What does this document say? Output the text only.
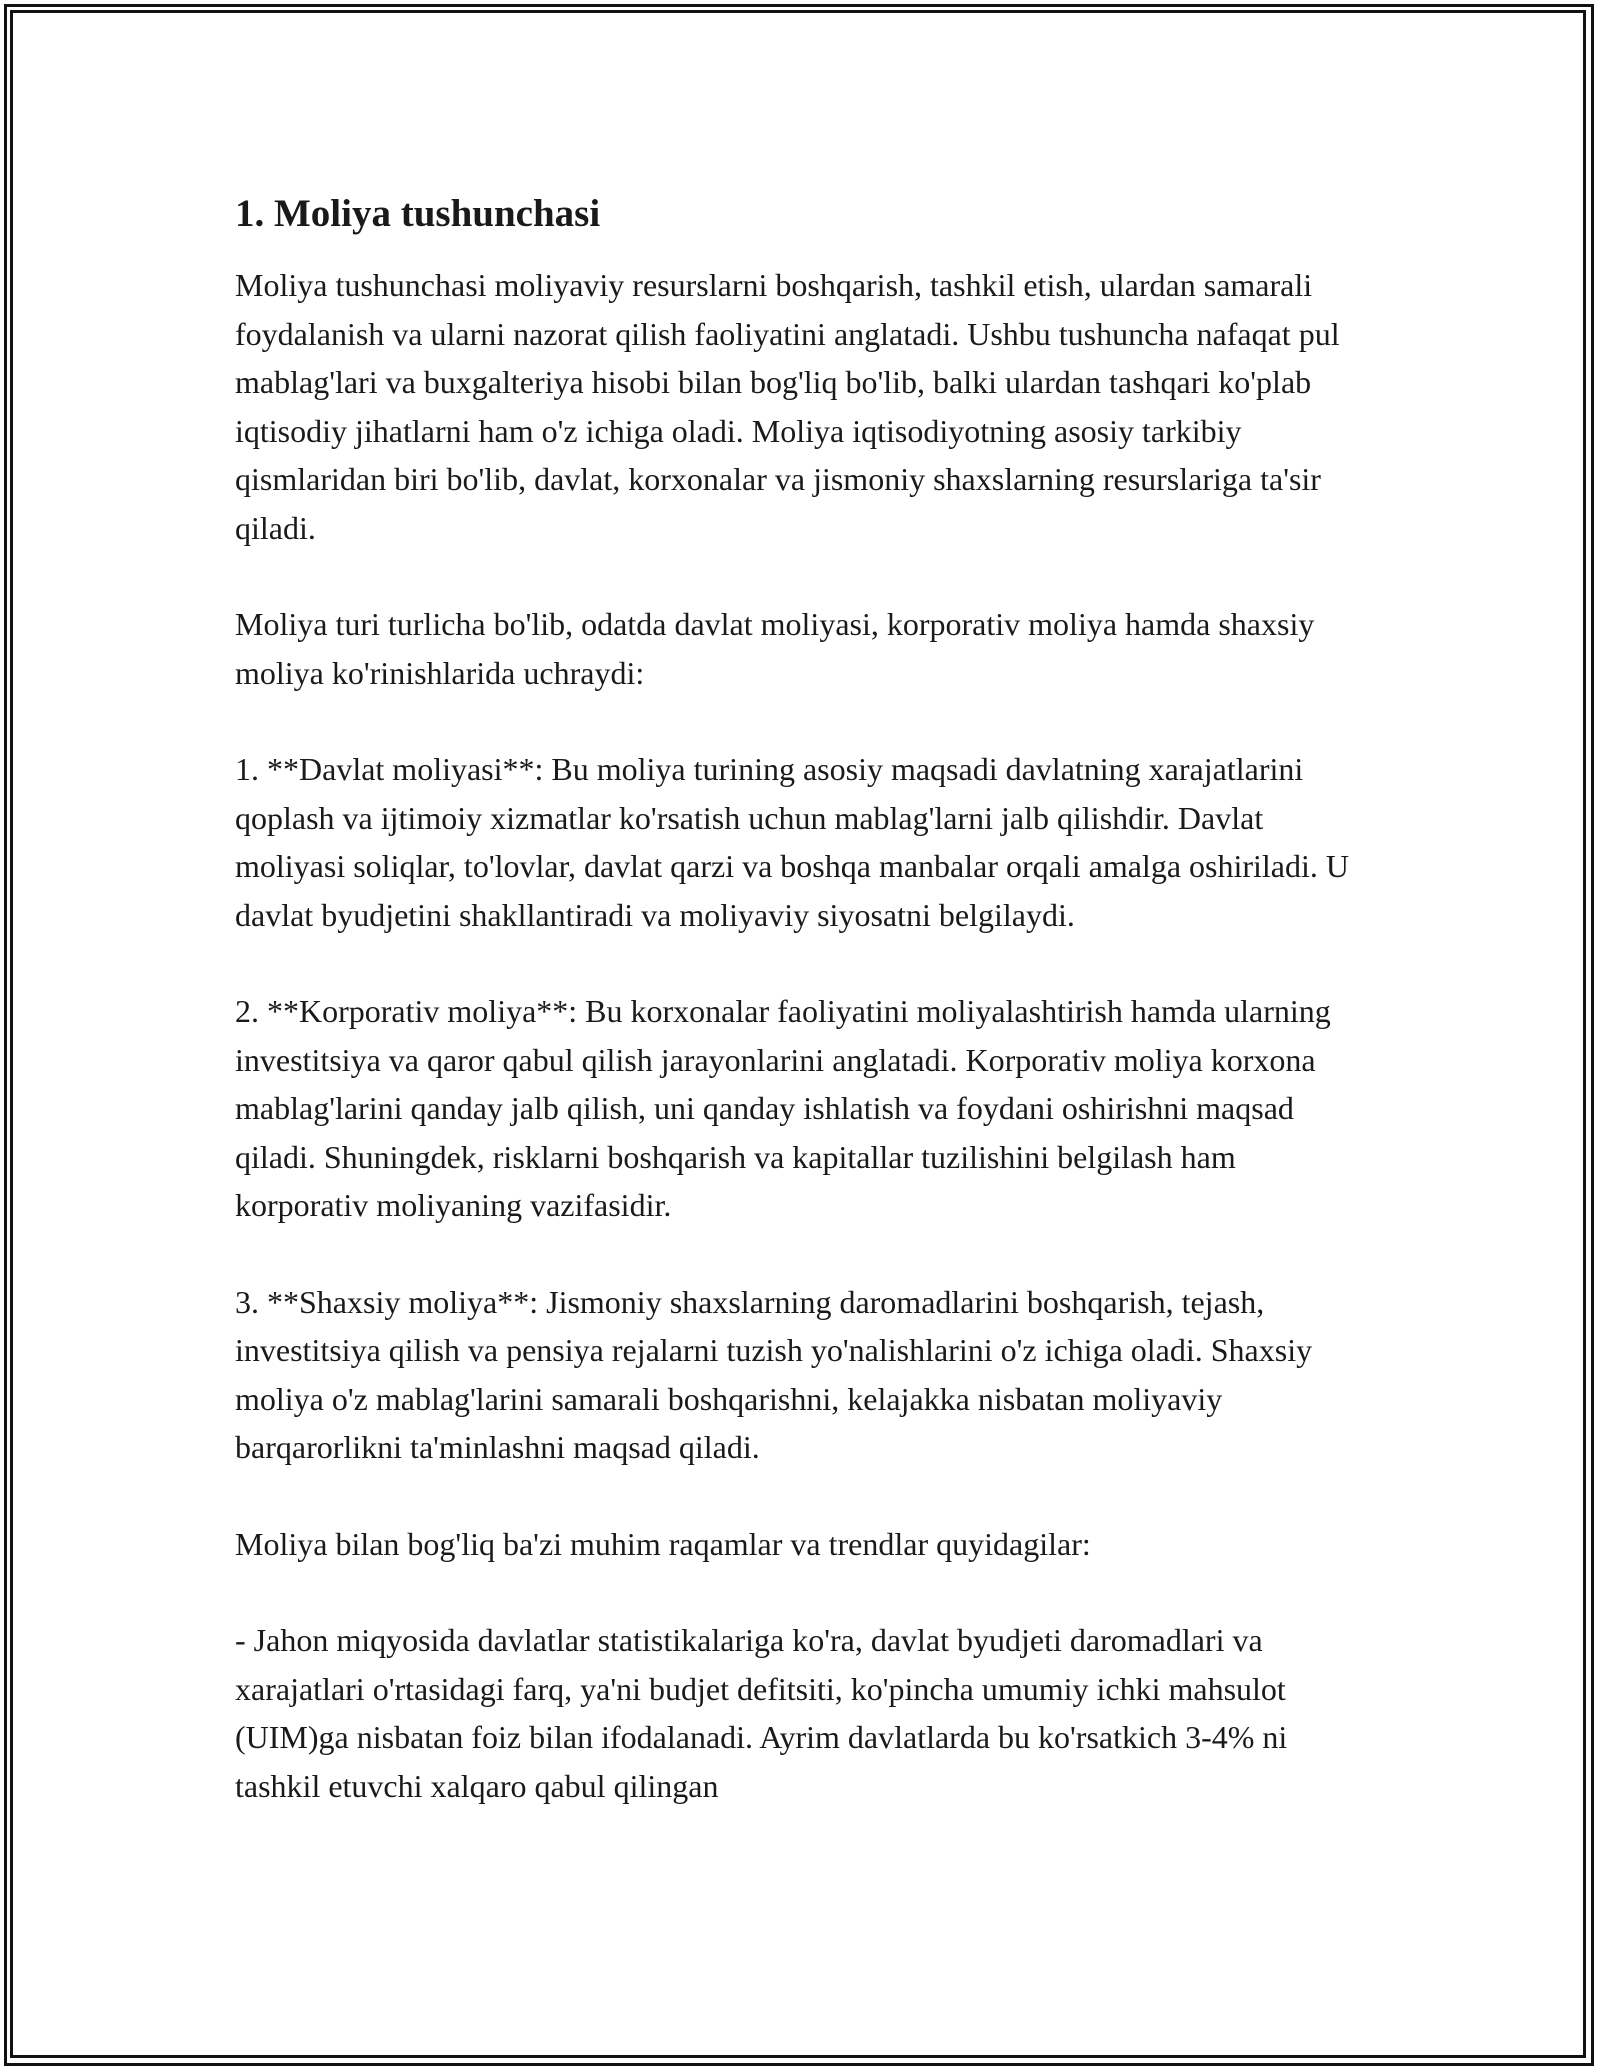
1. Moliya tushunchasi

Moliya tushunchasi moliyaviy resurslarni boshqarish, tashkil etish, ulardan samarali foydalanish va ularni nazorat qilish faoliyatini anglatadi. Ushbu tushuncha nafaqat pul mablag'lari va buxgalteriya hisobi bilan bog'liq bo'lib, balki ulardan tashqari ko'plab iqtisodiy jihatlarni ham o'z ichiga oladi. Moliya iqtisodiyotning asosiy tarkibiy qismlaridan biri bo'lib, davlat, korxonalar va jismoniy shaxslarning resurslariga ta'sir qiladi.

Moliya turi turlicha bo'lib, odatda davlat moliyasi, korporativ moliya hamda shaxsiy moliya ko'rinishlarida uchraydi:

1. **Davlat moliyasi**: Bu moliya turining asosiy maqsadi davlatning xarajatlarini qoplash va ijtimoiy xizmatlar ko'rsatish uchun mablag'larni jalb qilishdir. Davlat moliyasi soliqlar, to'lovlar, davlat qarzi va boshqa manbalar orqali amalga oshiriladi. U davlat byudjetini shakllantiradi va moliyaviy siyosatni belgilaydi.

2. **Korporativ moliya**: Bu korxonalar faoliyatini moliyalashtirish hamda ularning investitsiya va qaror qabul qilish jarayonlarini anglatadi. Korporativ moliya korxona mablag'larini qanday jalb qilish, uni qanday ishlatish va foydani oshirishni maqsad qiladi. Shuningdek, risklarni boshqarish va kapitallar tuzilishini belgilash ham korporativ moliyaning vazifasidir.

3. **Shaxsiy moliya**: Jismoniy shaxslarning daromadlarini boshqarish, tejash, investitsiya qilish va pensiya rejalarni tuzish yo'nalishlarini o'z ichiga oladi. Shaxsiy moliya o'z mablag'larini samarali boshqarishni, kelajakka nisbatan moliyaviy barqarorlikni ta'minlashni maqsad qiladi.

Moliya bilan bog'liq ba'zi muhim raqamlar va trendlar quyidagilar:

- Jahon miqyosida davlatlar statistikalariga ko'ra, davlat byudjeti daromadlari va xarajatlari o'rtasidagi farq, ya'ni budjet defitsiti, ko'pincha umumiy ichki mahsulot (UIM)ga nisbatan foiz bilan ifodalanadi. Ayrim davlatlarda bu ko'rsatkich 3-4% ni tashkil etuvchi xalqaro qabul qilingan
